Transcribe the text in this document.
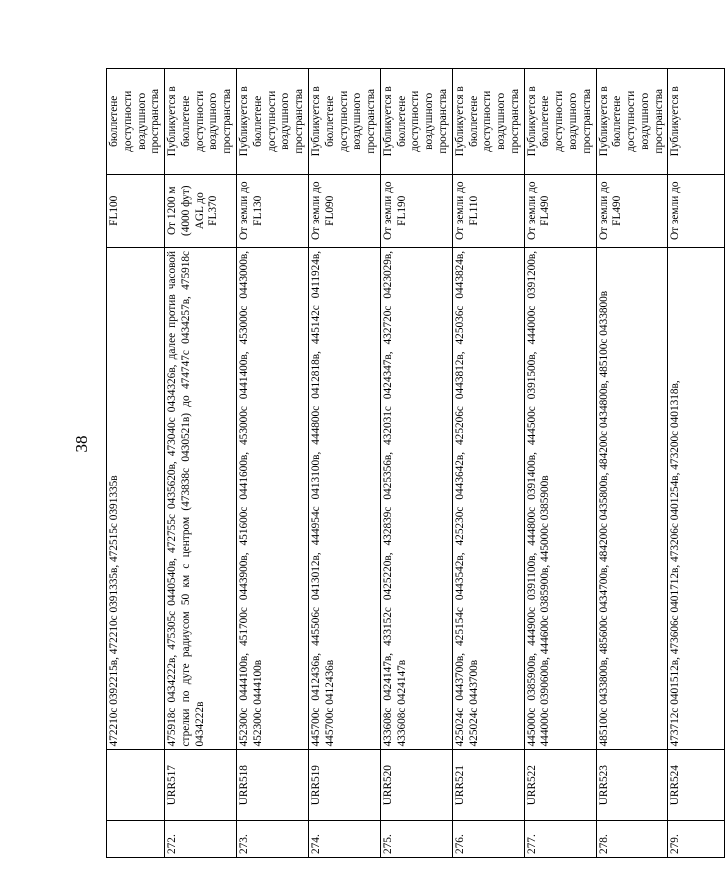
38
		472210с 0392215в, 472210с 0391335в, 472515с 0391335в	FL100	бюллетене доступности воздушного пространства
272.	URR517	475918с 0434222в, 475305с 0440540в, 472755с 0435620в, 473040с 0434326в, далее против часовой стрелки по дуге радиусом 50 км с центром (473838с 0430521в) до 474747с 0434257в, 475918с 0434222в	От 1200 м (4000 фут) AGL до FL370	Публикуется в бюллетене доступности воздушного пространства
273.	URR518	452300с 0444100в, 451700с 0443900в, 451600с 0441600в, 453000с 0441400в, 453000с 0443000в, 452300с 0444100в	От земли до FL130	Публикуется в бюллетене доступности воздушного пространства
274.	URR519	445700с 0412436в, 445506с 0413012в, 444954с 0413100в, 444800с 0412818в, 445142с 0411924в, 445700с 0412436в	От земли до FL090	Публикуется в бюллетене доступности воздушного пространства
275.	URR520	433608с 0424147в, 433152с 0425220в, 432839с 0425356в, 432031с 0424347в, 432720с 0423029в, 433608с 0424147в	От земли до FL190	Публикуется в бюллетене доступности воздушного пространства
276.	URR521	425024с 0443700в, 425154с 0443542в, 425230с 0443642в, 425206с 0443812в, 425036с 0443824в, 425024с 0443700в	От земли до FL110	Публикуется в бюллетене доступности воздушного пространства
277.	URR522	445000с 0385900в, 444900с 0391100в, 444800с 0391400в, 444500с 0391500в, 444000с 0391200в, 444000с 0390600в, 444600с 0385900в, 445000с 0385900в	От земли до FL490	Публикуется в бюллетене доступности воздушного пространства
278.	URR523	485100с 0433800в, 485600с 0434700в, 484200с 0435800в, 484200с 0434800в, 485100с 0433800в	От земли до FL490	Публикуется в бюллетене доступности воздушного пространства
279.	URR524	473712с 0401512в, 473606с 0401712в, 473206с 0401254в, 473200с 0401318в,	От земли до	Публикуется в
